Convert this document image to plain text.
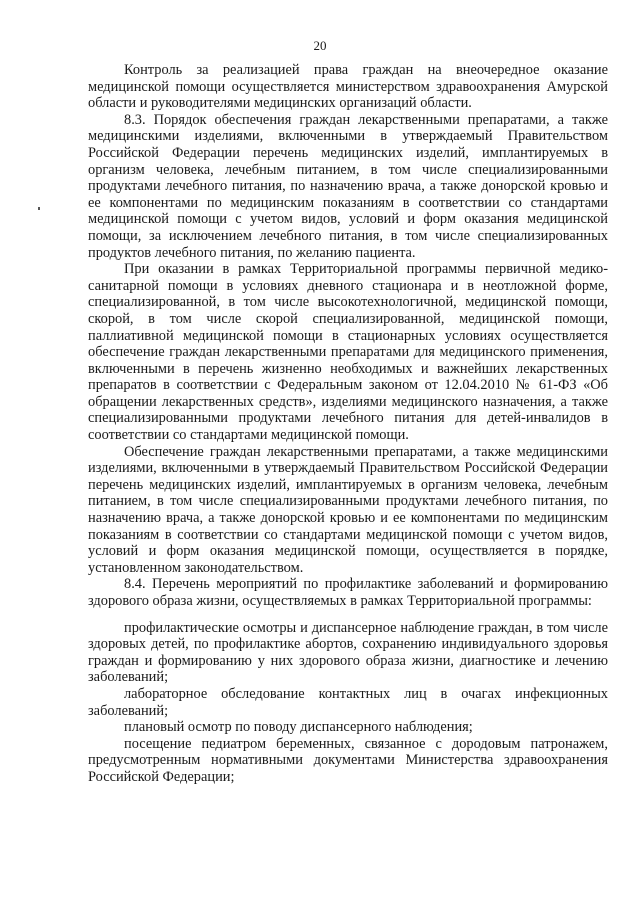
20

Контроль за реализацией права граждан на внеочередное оказание медицинской помощи осуществляется министерством здравоохранения Амурской области и руководителями медицинских организаций области.

8.3. Порядок обеспечения граждан лекарственными препаратами, а также медицинскими изделиями, включенными в утверждаемый Правительством Российской Федерации перечень медицинских изделий, имплантируемых в организм человека, лечебным питанием, в том числе специализированными продуктами лечебного питания, по назначению врача, а также донорской кровью и ее компонентами по медицинским показаниям в соответствии со стандартами медицинской помощи с учетом видов, условий и форм оказания медицинской помощи, за исключением лечебного питания, в том числе специализированных продуктов лечебного питания, по желанию пациента.

При оказании в рамках Территориальной программы первичной медико-санитарной помощи в условиях дневного стационара и в неотложной форме, специализированной, в том числе высокотехнологичной, медицинской помощи, скорой, в том числе скорой специализированной, медицинской помощи, паллиативной медицинской помощи в стационарных условиях осуществляется обеспечение граждан лекарственными препаратами для медицинского применения, включенными в перечень жизненно необходимых и важнейших лекарственных препаратов в соответствии с Федеральным законом от 12.04.2010 № 61-ФЗ «Об обращении лекарственных средств», изделиями медицинского назначения, а также специализированными продуктами лечебного питания для детей-инвалидов в соответствии со стандартами медицинской помощи.

Обеспечение граждан лекарственными препаратами, а также медицинскими изделиями, включенными в утверждаемый Правительством Российской Федерации перечень медицинских изделий, имплантируемых в организм человека, лечебным питанием, в том числе специализированными продуктами лечебного питания, по назначению врача, а также донорской кровью и ее компонентами по медицинским показаниям в соответствии со стандартами медицинской помощи с учетом видов, условий и форм оказания медицинской помощи, осуществляется в порядке, установленном законодательством.

8.4. Перечень мероприятий по профилактике заболеваний и формированию здорового образа жизни, осуществляемых в рамках Территориальной программы:

профилактические осмотры и диспансерное наблюдение граждан, в том числе здоровых детей, по профилактике абортов, сохранению индивидуального здоровья граждан и формированию у них здорового образа жизни, диагностике и лечению заболеваний;

лабораторное обследование контактных лиц в очагах инфекционных заболеваний;

плановый осмотр по поводу диспансерного наблюдения;

посещение педиатром беременных, связанное с дородовым патронажем, предусмотренным нормативными документами Министерства здравоохранения Российской Федерации;
